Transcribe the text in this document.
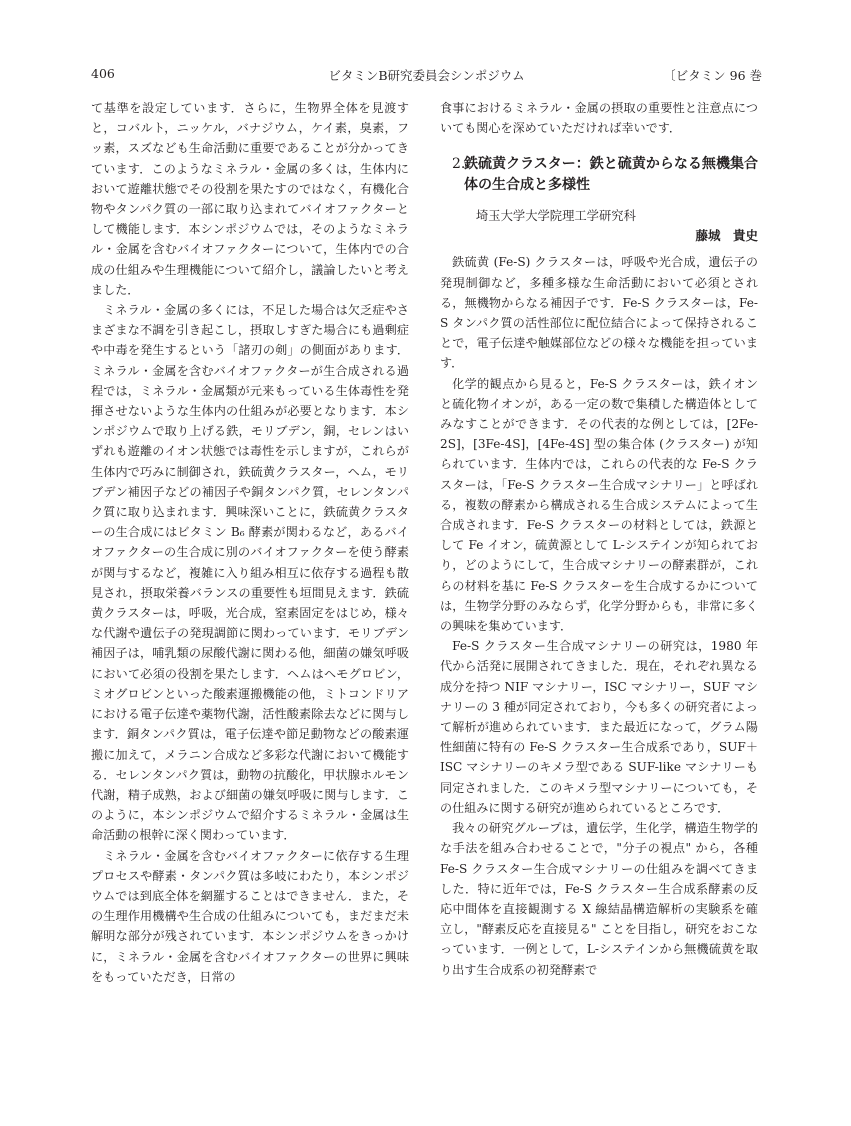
406	ビタミンB研究委員会シンポジウム	〔ビタミン 96 巻

て基準を設定しています．さらに，生物界全体を見渡すと，コバルト，ニッケル，バナジウム，ケイ素，臭素，フッ素，スズなども生命活動に重要であることが分かってきています．このようなミネラル・金属の多くは，生体内において遊離状態でその役割を果たすのではなく，有機化合物やタンパク質の一部に取り込まれてバイオファクターとして機能します．本シンポジウムでは，そのようなミネラル・金属を含むバイオファクターについて，生体内での合成の仕組みや生理機能について紹介し，議論したいと考えました．

ミネラル・金属の多くには，不足した場合は欠乏症やさまざまな不調を引き起こし，摂取しすぎた場合にも過剰症や中毒を発生するという「諸刃の剣」の側面があります．ミネラル・金属を含むバイオファクターが生合成される過程では，ミネラル・金属類が元来もっている生体毒性を発揮させないような生体内の仕組みが必要となります．本シンポジウムで取り上げる鉄，モリブデン，銅，セレンはいずれも遊離のイオン状態では毒性を示しますが，これらが生体内で巧みに制御され，鉄硫黄クラスター，ヘム，モリブデン補因子などの補因子や銅タンパク質，セレンタンパク質に取り込まれます．興味深いことに，鉄硫黄クラスターの生合成にはビタミン B₆ 酵素が関わるなど，あるバイオファクターの生合成に別のバイオファクターを使う酵素が関与するなど，複雑に入り組み相互に依存する過程も散見され，摂取栄養バランスの重要性も垣間見えます．鉄硫黄クラスターは，呼吸，光合成，窒素固定をはじめ，様々な代謝や遺伝子の発現調節に関わっています．モリブデン補因子は，哺乳類の尿酸代謝に関わる他，細菌の嫌気呼吸において必須の役割を果たします．ヘムはヘモグロビン，ミオグロビンといった酸素運搬機能の他，ミトコンドリアにおける電子伝達や薬物代謝，活性酸素除去などに関与します．銅タンパク質は，電子伝達や節足動物などの酸素運搬に加えて，メラニン合成など多彩な代謝において機能する．セレンタンパク質は，動物の抗酸化，甲状腺ホルモン代謝，精子成熟，および細菌の嫌気呼吸に関与します．このように，本シンポジウムで紹介するミネラル・金属は生命活動の根幹に深く関わっています．

ミネラル・金属を含むバイオファクターに依存する生理プロセスや酵素・タンパク質は多岐にわたり，本シンポジウムでは到底全体を網羅することはできません．また，その生理作用機構や生合成の仕組みについても，まだまだ未解明な部分が残されています．本シンポジウムをきっかけに，ミネラル・金属を含むバイオファクターの世界に興味をもっていただき，日常の

食事におけるミネラル・金属の摂取の重要性と注意点についても関心を深めていただければ幸いです．

2.鉄硫黄クラスター：鉄と硫黄からなる無機集合体の生合成と多様性
埼玉大学大学院理工学研究科
藤城　貴史

鉄硫黄 (Fe-S) クラスターは，呼吸や光合成，遺伝子の発現制御など，多種多様な生命活動において必須とされる，無機物からなる補因子です．Fe-S クラスターは，Fe-S タンパク質の活性部位に配位結合によって保持されることで，電子伝達や触媒部位などの様々な機能を担っています．

化学的観点から見ると，Fe-S クラスターは，鉄イオンと硫化物イオンが，ある一定の数で集積した構造体としてみなすことができます．その代表的な例としては，[2Fe-2S]，[3Fe-4S]，[4Fe-4S] 型の集合体 (クラスター) が知られています．生体内では，これらの代表的な Fe-S クラスターは，「Fe-S クラスター生合成マシナリー」と呼ばれる，複数の酵素から構成される生合成システムによって生合成されます．Fe-S クラスターの材料としては，鉄源として Fe イオン，硫黄源として L-システインが知られており，どのようにして，生合成マシナリーの酵素群が，これらの材料を基に Fe-S クラスターを生合成するかについては，生物学分野のみならず，化学分野からも，非常に多くの興味を集めています．

Fe-S クラスター生合成マシナリーの研究は，1980 年代から活発に展開されてきました．現在，それぞれ異なる成分を持つ NIF マシナリー，ISC マシナリー，SUF マシナリーの 3 種が同定されており，今も多くの研究者によって解析が進められています．また最近になって，グラム陽性細菌に特有の Fe-S クラスター生合成系であり，SUF＋ISC マシナリーのキメラ型である SUF-like マシナリーも同定されました．このキメラ型マシナリーについても，その仕組みに関する研究が進められているところです．

我々の研究グループは，遺伝学，生化学，構造生物学的な手法を組み合わせることで，"分子の視点" から，各種 Fe-S クラスター生合成マシナリーの仕組みを調べてきました．特に近年では，Fe-S クラスター生合成系酵素の反応中間体を直接観測する X 線結晶構造解析の実験系を確立し，"酵素反応を直接見る" ことを目指し，研究をおこなっています．一例として，L-システインから無機硫黄を取り出す生合成系の初発酵素で
